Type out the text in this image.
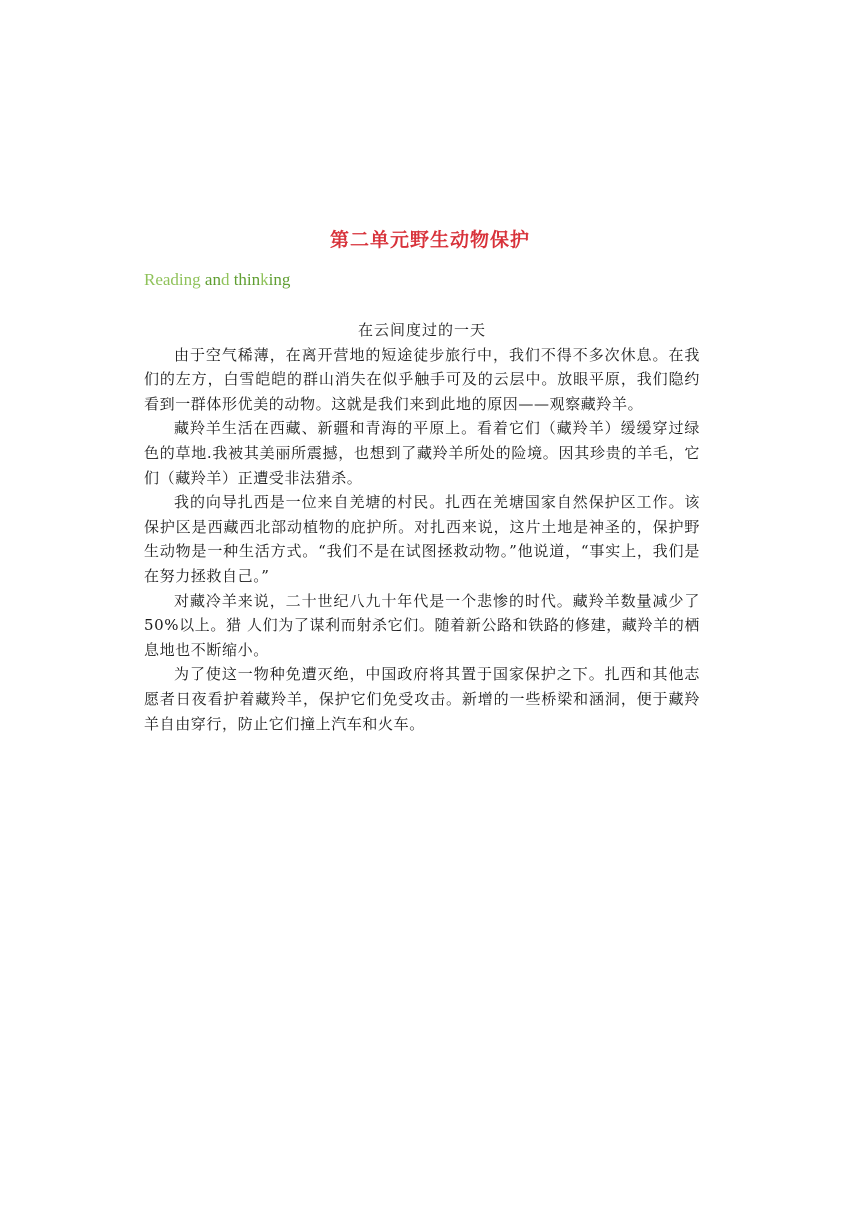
第二单元野生动物保护
Reading and thinking
在云间度过的一天

由于空气稀薄，在离开营地的短途徒步旅行中，我们不得不多次休息。在我们的左方，白雪皑皑的群山消失在似乎触手可及的云层中。放眼平原，我们隐约看到一群体形优美的动物。这就是我们来到此地的原因——观察藏羚羊。

藏羚羊生活在西藏、新疆和青海的平原上。看着它们（藏羚羊）缓缓穿过绿色的草地.我被其美丽所震撼，也想到了藏羚羊所处的险境。因其珍贵的羊毛，它们（藏羚羊）正遭受非法猎杀。

我的向导扎西是一位来自羌塘的村民。扎西在羌塘国家自然保护区工作。该保护区是西藏西北部动植物的庇护所。对扎西来说，这片土地是神圣的，保护野生动物是一种生活方式。“我们不是在试图拯救动物。”他说道，“事实上，我们是在努力拯救自己。”

对藏冷羊来说，二十世纪八九十年代是一个悲惨的时代。藏羚羊数量减少了 50%以上。猎 人们为了谋利而射杀它们。随着新公路和铁路的修建，藏羚羊的栖息地也不断缩小。

为了使这一物种免遭灭绝，中国政府将其置于国家保护之下。扎西和其他志愿者日夜看护着藏羚羊，保护它们免受攻击。新增的一些桥梁和涵洞，便于藏羚羊自由穿行，防止它们撞上汽车和火车。
